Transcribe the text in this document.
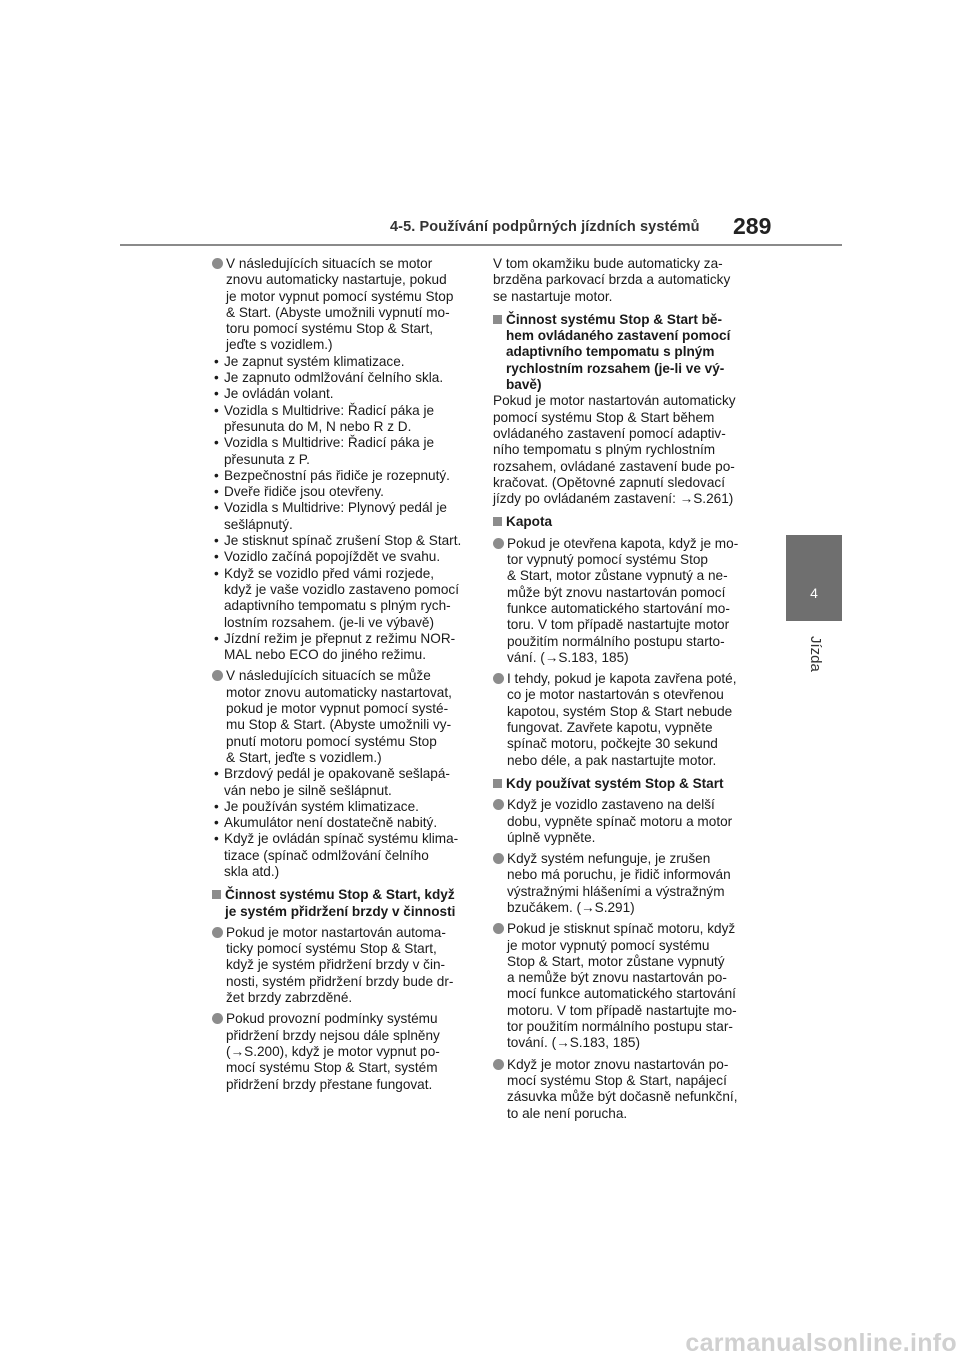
4-5. Používání podpůrných jízdních systémů 289
4
Jízda
V následujících situacích se motor
znovu automaticky nastartuje, pokud
je motor vypnut pomocí systému Stop
& Start. (Abyste umožnili vypnutí mo-
toru pomocí systému Stop & Start,
jeďte s vozidlem.)
• Je zapnut systém klimatizace.
• Je zapnuto odmlžování čelního skla.
• Je ovládán volant.
• Vozidla s Multidrive: Řadicí páka je
přesunuta do M, N nebo R z D.
• Vozidla s Multidrive: Řadicí páka je
přesunuta z P.
• Bezpečnostní pás řidiče je rozepnutý.
• Dveře řidiče jsou otevřeny.
• Vozidla s Multidrive: Plynový pedál je
sešlápnutý.
• Je stisknut spínač zrušení Stop & Start.
• Vozidlo začíná popojíždět ve svahu.
• Když se vozidlo před vámi rozjede,
když je vaše vozidlo zastaveno pomocí
adaptivního tempomatu s plným rych-
lostním rozsahem. (je-li ve výbavě)
• Jízdní režim je přepnut z režimu NOR-
MAL nebo ECO do jiného režimu.
V následujících situacích se může
motor znovu automaticky nastartovat,
pokud je motor vypnut pomocí systé-
mu Stop & Start. (Abyste umožnili vy-
pnutí motoru pomocí systému Stop
& Start, jeďte s vozidlem.)
• Brzdový pedál je opakovaně sešlapá-
ván nebo je silně sešlápnut.
• Je používán systém klimatizace.
• Akumulátor není dostatečně nabitý.
• Když je ovládán spínač systému klima-
tizace (spínač odmlžování čelního
skla atd.)
Činnost systému Stop & Start, když
je systém přidržení brzdy v činnosti
Pokud je motor nastartován automa-
ticky pomocí systému Stop & Start,
když je systém přidržení brzdy v čin-
nosti, systém přidržení brzdy bude dr-
žet brzdy zabrzděné.
Pokud provozní podmínky systému
přidržení brzdy nejsou dále splněny
(→S.200), když je motor vypnut po-
mocí systému Stop & Start, systém
přidržení brzdy přestane fungovat.
V tom okamžiku bude automaticky za-
brzděna parkovací brzda a automaticky
se nastartuje motor.
Činnost systému Stop & Start bě-
hem ovládaného zastavení pomocí
adaptivního tempomatu s plným
rychlostním rozsahem (je-li ve vý-
bavě)
Pokud je motor nastartován automaticky
pomocí systému Stop & Start během
ovládaného zastavení pomocí adaptiv-
ního tempomatu s plným rychlostním
rozsahem, ovládané zastavení bude po-
kračovat. (Opětovné zapnutí sledovací
jízdy po ovládaném zastavení: →S.261)
Kapota
Pokud je otevřena kapota, když je mo-
tor vypnutý pomocí systému Stop
& Start, motor zůstane vypnutý a ne-
může být znovu nastartován pomocí
funkce automatického startování mo-
toru. V tom případě nastartujte motor
použitím normálního postupu starto-
vání. (→S.183, 185)
I tehdy, pokud je kapota zavřena poté,
co je motor nastartován s otevřenou
kapotou, systém Stop & Start nebude
fungovat. Zavřete kapotu, vypněte
spínač motoru, počkejte 30 sekund
nebo déle, a pak nastartujte motor.
Kdy používat systém Stop & Start
Když je vozidlo zastaveno na delší
dobu, vypněte spínač motoru a motor
úplně vypněte.
Když systém nefunguje, je zrušen
nebo má poruchu, je řidič informován
výstražnými hlášeními a výstražným
bzučákem. (→S.291)
Pokud je stisknut spínač motoru, když
je motor vypnutý pomocí systému
Stop & Start, motor zůstane vypnutý
a nemůže být znovu nastartován po-
mocí funkce automatického startování
motoru. V tom případě nastartujte mo-
tor použitím normálního postupu star-
tování. (→S.183, 185)
Když je motor znovu nastartován po-
mocí systému Stop & Start, napájecí
zásuvka může být dočasně nefunkční,
to ale není porucha.
carmanualsonline.info
